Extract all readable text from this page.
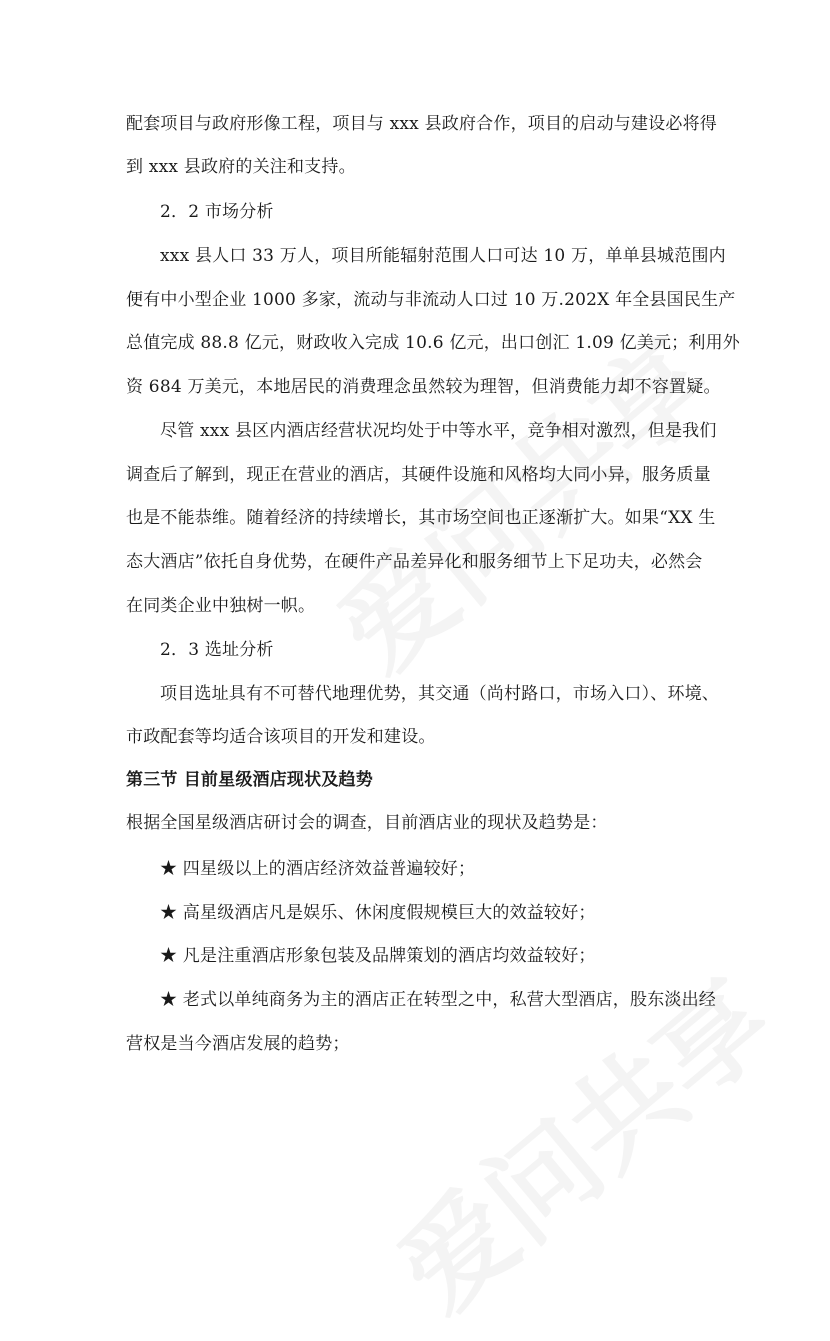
配套项目与政府形像工程，项目与 xxx 县政府合作，项目的启动与建设必将得
到 xxx 县政府的关注和支持。
2．2 市场分析
xxx 县人口 33 万人，项目所能辐射范围人口可达 10 万，单单县城范围内
便有中小型企业 1000 多家，流动与非流动人口过 10 万.202X 年全县国民生产
总值完成 88.8 亿元，财政收入完成 10.6 亿元，出口创汇 1.09 亿美元；利用外
资 684 万美元，本地居民的消费理念虽然较为理智，但消费能力却不容置疑。
尽管 xxx 县区内酒店经营状况均处于中等水平，竞争相对激烈，但是我们
调查后了解到，现正在营业的酒店，其硬件设施和风格均大同小异，服务质量
也是不能恭维。随着经济的持续增长，其市场空间也正逐渐扩大。如果“XX 生
态大酒店”依托自身优势，在硬件产品差异化和服务细节上下足功夫，必然会
在同类企业中独树一帜。
2．3 选址分析
项目选址具有不可替代地理优势，其交通（尚村路口，市场入口）、环境、
市政配套等均适合该项目的开发和建设。
第三节 目前星级酒店现状及趋势
根据全国星级酒店研讨会的调查，目前酒店业的现状及趋势是：
★ 四星级以上的酒店经济效益普遍较好；
★ 高星级酒店凡是娱乐、休闲度假规模巨大的效益较好；
★ 凡是注重酒店形象包装及品牌策划的酒店均效益较好；
★ 老式以单纯商务为主的酒店正在转型之中，私营大型酒店，股东淡出经
营权是当今酒店发展的趋势；
